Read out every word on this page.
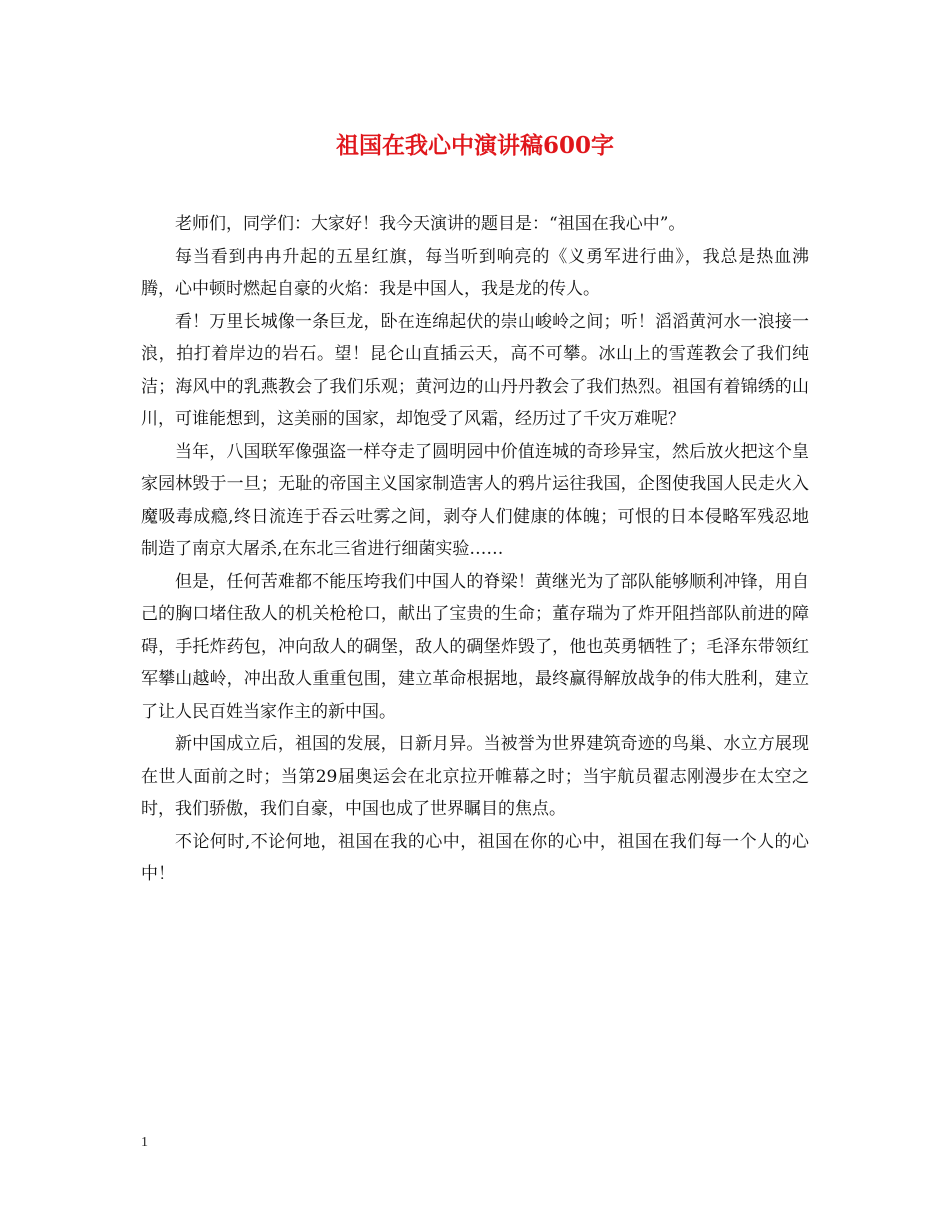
祖国在我心中演讲稿600字

老师们，同学们：大家好！我今天演讲的题目是：“祖国在我心中”。

每当看到冉冉升起的五星红旗，每当听到响亮的《义勇军进行曲》，我总是热血沸腾，心中顿时燃起自豪的火焰：我是中国人，我是龙的传人。

看！万里长城像一条巨龙，卧在连绵起伏的崇山峻岭之间；听！滔滔黄河水一浪接一浪，拍打着岸边的岩石。望！昆仑山直插云天，高不可攀。冰山上的雪莲教会了我们纯洁；海风中的乳燕教会了我们乐观；黄河边的山丹丹教会了我们热烈。祖国有着锦绣的山川，可谁能想到，这美丽的国家，却饱受了风霜，经历过了千灾万难呢？

当年，八国联军像强盗一样夺走了圆明园中价值连城的奇珍异宝，然后放火把这个皇家园林毁于一旦；无耻的帝国主义国家制造害人的鸦片运往我国，企图使我国人民走火入魔吸毒成瘾,终日流连于吞云吐雾之间，剥夺人们健康的体魄；可恨的日本侵略军残忍地制造了南京大屠杀,在东北三省进行细菌实验……

但是，任何苦难都不能压垮我们中国人的脊梁！黄继光为了部队能够顺利冲锋，用自己的胸口堵住敌人的机关枪枪口，献出了宝贵的生命；董存瑞为了炸开阻挡部队前进的障碍，手托炸药包，冲向敌人的碉堡，敌人的碉堡炸毁了，他也英勇牺牲了；毛泽东带领红军攀山越岭，冲出敌人重重包围，建立革命根据地，最终赢得解放战争的伟大胜利，建立了让人民百姓当家作主的新中国。

新中国成立后，祖国的发展，日新月异。当被誉为世界建筑奇迹的鸟巢、水立方展现在世人面前之时；当第29届奥运会在北京拉开帷幕之时；当宇航员翟志刚漫步在太空之时，我们骄傲，我们自豪，中国也成了世界瞩目的焦点。

不论何时,不论何地，祖国在我的心中，祖国在你的心中，祖国在我们每一个人的心中！

1
